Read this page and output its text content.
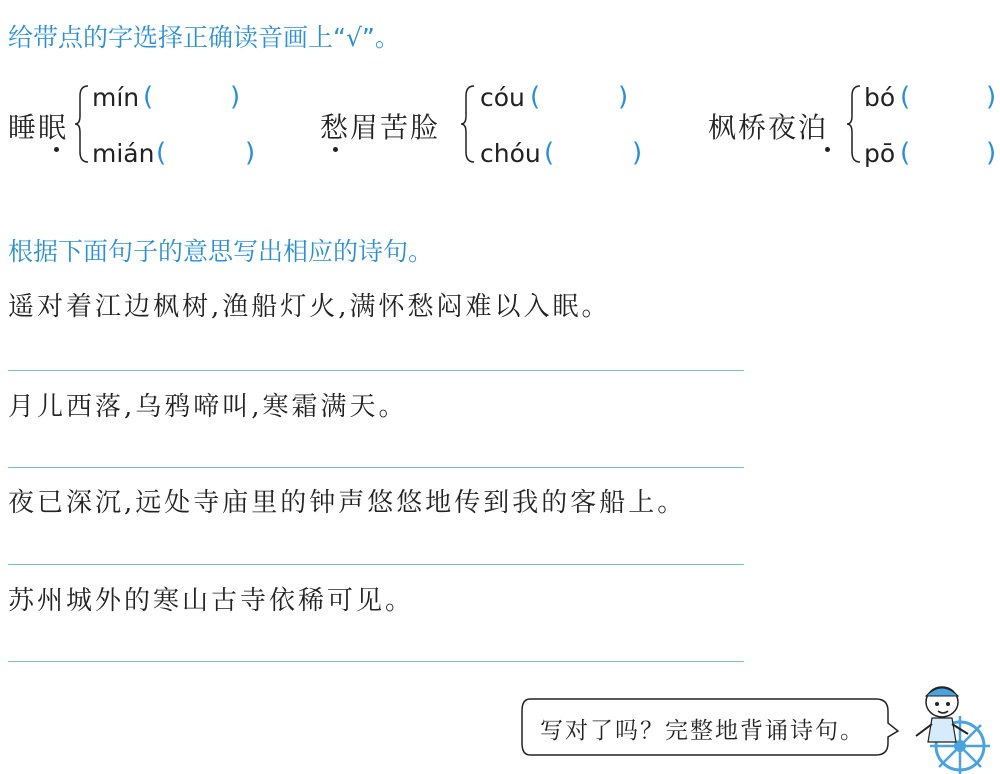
给带点的字选择正确读音画上“√”。
睡眠
mín (	)
mián (	)
愁眉苦脸
cóu (	)
chóu (	)
枫桥夜泊
bó (	)
pō (	)
根据下面句子的意思写出相应的诗句。
遥对着江边枫树,渔船灯火,满怀愁闷难以入眠。
月儿西落,乌鸦啼叫,寒霜满天。
夜已深沉,远处寺庙里的钟声悠悠地传到我的客船上。
苏州城外的寒山古寺依稀可见。
写对了吗？完整地背诵诗句。
